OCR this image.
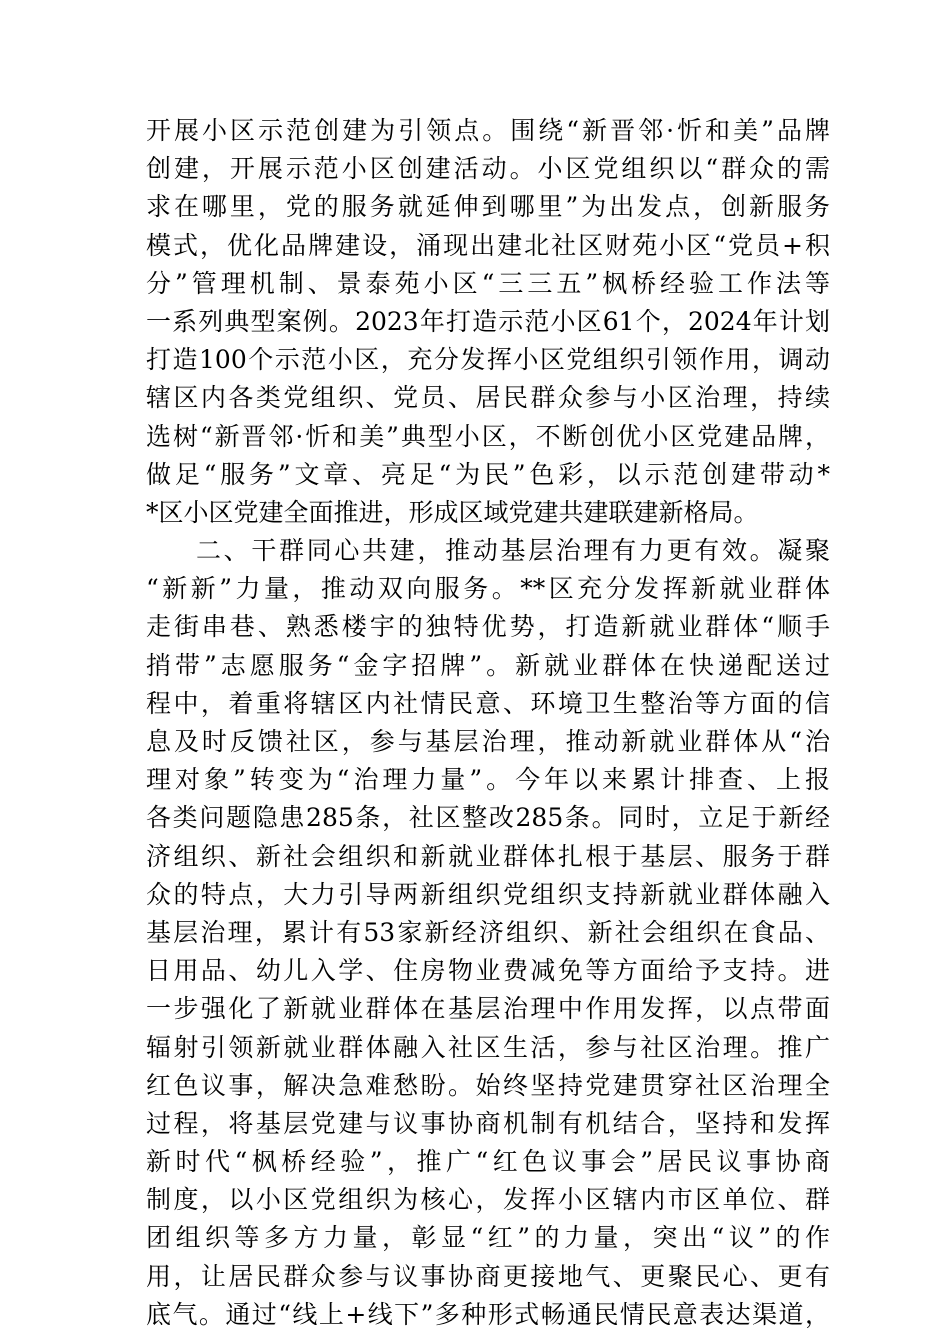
开展小区示范创建为引领点。围绕“新晋邻·忻和美”品牌
创建，开展示范小区创建活动。小区党组织以“群众的需
求在哪里，党的服务就延伸到哪里”为出发点，创新服务
模式，优化品牌建设，涌现出建北社区财苑小区“党员+积
分”管理机制、景泰苑小区“三三五”枫桥经验工作法等
一系列典型案例。2023年打造示范小区61个，2024年计划
打造100个示范小区，充分发挥小区党组织引领作用，调动
辖区内各类党组织、党员、居民群众参与小区治理，持续
选树“新晋邻·忻和美”典型小区，不断创优小区党建品牌，
做足“服务”文章、亮足“为民”色彩，以示范创建带动*
*区小区党建全面推进，形成区域党建共建联建新格局。
二、干群同心共建，推动基层治理有力更有效。凝聚
“新新”力量，推动双向服务。**区充分发挥新就业群体
走街串巷、熟悉楼宇的独特优势，打造新就业群体“顺手
捎带”志愿服务“金字招牌”。新就业群体在快递配送过
程中，着重将辖区内社情民意、环境卫生整治等方面的信
息及时反馈社区，参与基层治理，推动新就业群体从“治
理对象”转变为“治理力量”。今年以来累计排查、上报
各类问题隐患285条，社区整改285条。同时，立足于新经
济组织、新社会组织和新就业群体扎根于基层、服务于群
众的特点，大力引导两新组织党组织支持新就业群体融入
基层治理，累计有53家新经济组织、新社会组织在食品、
日用品、幼儿入学、住房物业费减免等方面给予支持。进
一步强化了新就业群体在基层治理中作用发挥，以点带面
辐射引领新就业群体融入社区生活，参与社区治理。推广
红色议事，解决急难愁盼。始终坚持党建贯穿社区治理全
过程，将基层党建与议事协商机制有机结合，坚持和发挥
新时代“枫桥经验”，推广“红色议事会”居民议事协商
制度，以小区党组织为核心，发挥小区辖内市区单位、群
团组织等多方力量，彰显“红”的力量，突出“议”的作
用，让居民群众参与议事协商更接地气、更聚民心、更有
底气。通过“线上+线下”多种形式畅通民情民意表达渠道，
